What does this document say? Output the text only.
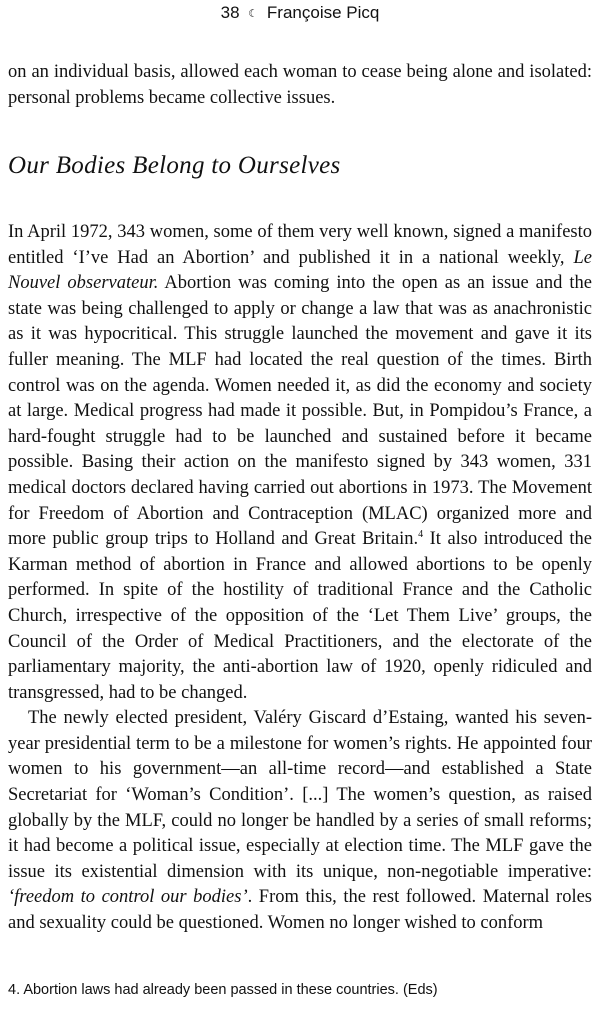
38 ☾ Françoise Picq

on an individual basis, allowed each woman to cease being alone and isolated: personal problems became collective issues.

Our Bodies Belong to Ourselves

In April 1972, 343 women, some of them very well known, signed a manifesto entitled ‘I’ve Had an Abortion’ and published it in a national weekly, Le Nouvel observateur. Abortion was coming into the open as an issue and the state was being challenged to apply or change a law that was as anachronistic as it was hypocritical. This struggle launched the movement and gave it its fuller meaning. The MLF had located the real question of the times. Birth control was on the agenda. Women needed it, as did the economy and society at large. Medical progress had made it possible. But, in Pompidou’s France, a hard-fought struggle had to be launched and sustained before it became possible. Basing their action on the manifesto signed by 343 women, 331 medical doctors declared having carried out abortions in 1973. The Movement for Freedom of Abortion and Contraception (MLAC) organized more and more public group trips to Holland and Great Britain.$^4$ It also introduced the Karman method of abortion in France and allowed abortions to be openly performed. In spite of the hostility of traditional France and the Catholic Church, irrespective of the opposition of the ‘Let Them Live’ groups, the Council of the Order of Medical Practitioners, and the electorate of the parliamentary majority, the anti-abortion law of 1920, openly ridiculed and transgressed, had to be changed.

The newly elected president, Valéry Giscard d’Estaing, wanted his seven-year presidential term to be a milestone for women’s rights. He appointed four women to his government—an all-time record—and established a State Secretariat for ‘Woman’s Condition’. [...] The women’s question, as raised globally by the MLF, could no longer be handled by a series of small reforms; it had become a political issue, especially at election time. The MLF gave the issue its existential dimension with its unique, non-negotiable imperative: ‘freedom to control our bodies’. From this, the rest followed. Maternal roles and sexuality could be questioned. Women no longer wished to conform

4. Abortion laws had already been passed in these countries. (Eds)
